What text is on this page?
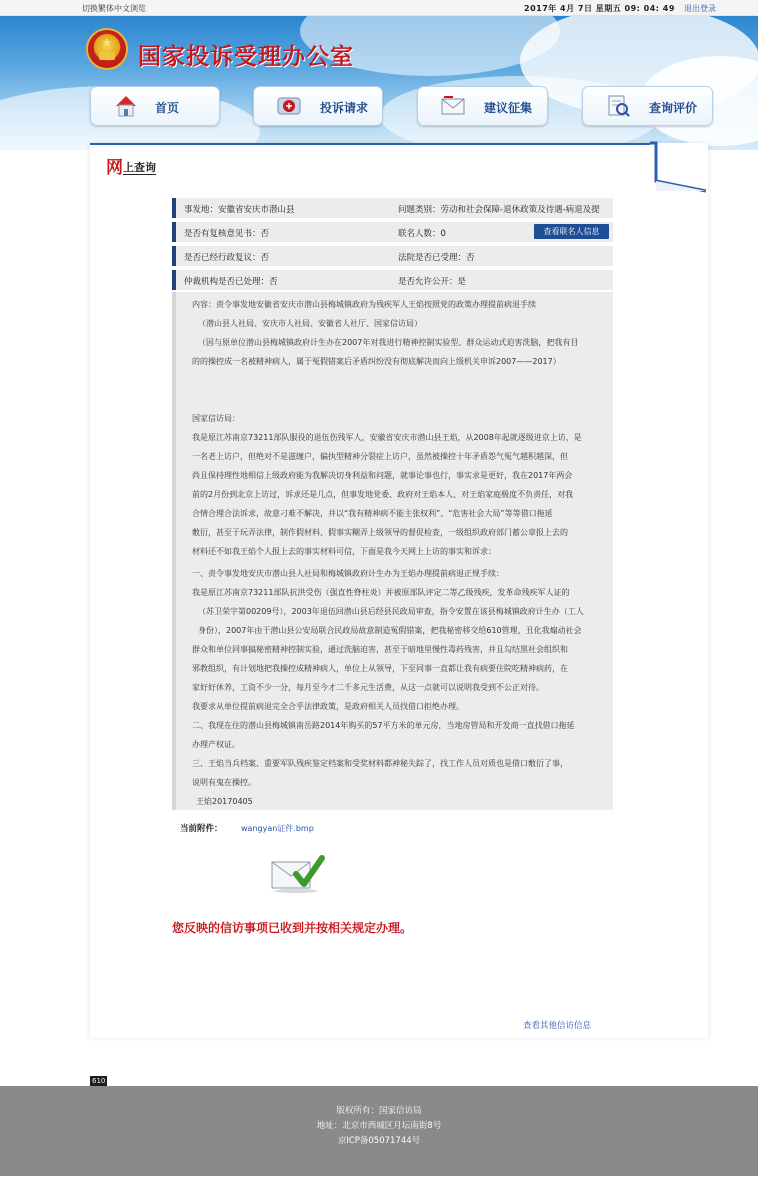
切换繁体中文浏览	2017年 4月 7日 星期五 09: 04: 49 退出登录
★	国家投诉受理办公室
首页	投诉请求	建议征集	查询评价
网上查询
事发地：安徽省安庆市潜山县	问题类别：劳动和社会保障-退休政策及待遇-病退及提
是否有复核意见书：否	联名人数：0	查看联名人信息
是否已经行政复议：否	法院是否已受理：否
仲裁机构是否已处理：否	是否允许公开：是
内容：责令事发地安徽省安庆市潜山县梅城镇政府为残疾军人王焰按照党的政策办理提前病退手续
（潜山县人社局、安庆市人社局、安徽省人社厅、国家信访局）
（因与原单位潜山县梅城镇政府计生办在2007年对我进行精神控制实验型、群众运动式迫害洗脑，把我有目
的的操控成一名被精神病人，属于冤假错案后矛盾纠纷没有彻底解决而向上级机关申诉2007——2017）
国家信访局：
我是原江苏南京73211部队服役的退伍伤残军人，安徽省安庆市潜山县王焰，从2008年起就逐级进京上访，是
一名老上访户，但绝对不是滋缠户，偏执型精神分裂症上访户，虽然被操控十年矛盾怨气冤气越积越深，但
尚且保持理性地相信上级政府能为我解决切身利益和问题，就事论事也行，事实求是更好，我在2017年两会
前的2月份到北京上访过，诉求还是几点，但事发地党委、政府对王焰本人、对王焰家庭极度不负责任，对我
合情合理合法诉求，故意刁难不解决，并以“我有精神病不能主张权利”、“危害社会大局”等等借口拖延
敷衍，甚至于玩弄法律，制作假材料、假事实糊弄上级领导的督促检查，一级组织政府部门蓄公章报上去的
材料还不如我王焰个人报上去的事实材料可信，下面是我今天网上上访的事实和诉求：
一、责令事发地安庆市潜山县人社局和梅城镇政府计生办为王焰办理提前病退正规手续：
我是原江苏南京73211部队抗洪受伤（强直性脊柱炎）并被原部队评定二等乙级残疾，发革命残疾军人证的
（苏卫荣字第00209号），2003年退伍回潜山县后经县民政局审查，指令安置在该县梅城镇政府计生办（工人
身份），2007年由于潜山县公安局联合民政局故意制造冤假错案，把我秘密移交给610管理，丑化我煽动社会
群众和单位同事搞秘密精神控制实验，通过洗脑迫害，甚至于暗地里慢性毒药残害，并且勾结黑社会组织和
邪教组织，有计划地把我操控成精神病人，单位上从领导，下至同事一直都让我有病要住院吃精神病药，在
家好好休养，工资不少一分，每月至今才二千多元生活费，从这一点就可以说明我受到不公正对待。
我要求从单位提前病退完全合乎法律政策，是政府相关人员找借口拒绝办理。
二、我现在住的潜山县梅城镇南岳路2014年购买的57平方米的单元房，当地房管局和开发商一直找借口拖延
办理产权证。
三、王焰当兵档案、重要军队残疾鉴定档案和受奖材料都神秘失踪了，找工作人员对质也是借口敷衍了事，
说明有鬼在操控。
王焰20170405
当前附件： wangyan证件.bmp
您反映的信访事项已收到并按相关规定办理。
查看其他信访信息
610
版权所有：国家信访局
地址：北京市西城区月坛南街8号
京ICP备05071744号
